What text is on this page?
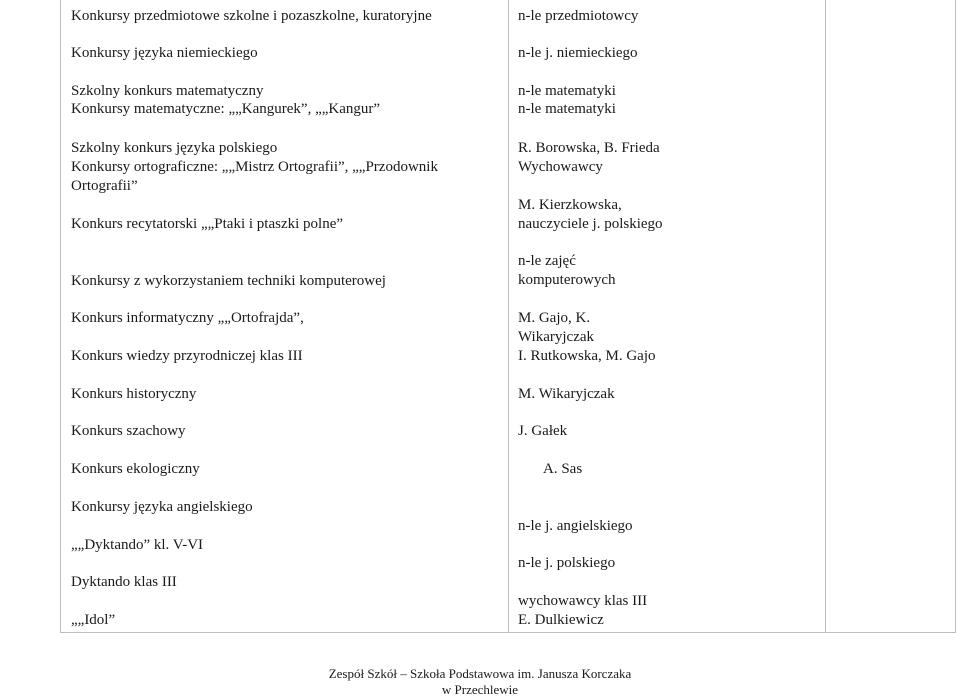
Konkursy przedmiotowe szkolne i pozaszkolne, kuratoryjne
Konkursy języka niemieckiego
Szkolny konkurs matematyczny
Konkursy matematyczne: „„Kangurek”, „„Kangur”
Szkolny konkurs języka polskiego
Konkursy ortograficzne: „„Mistrz Ortografii”, „„Przodownik
Ortografii”
Konkurs recytatorski „„Ptaki i ptaszki polne”
Konkursy z wykorzystaniem techniki komputerowej
Konkurs informatyczny „„Ortofrajda”,
Konkurs wiedzy przyrodniczej klas III
Konkurs historyczny
Konkurs szachowy
Konkurs ekologiczny
Konkursy języka angielskiego
„„Dyktando” kl. V-VI
Dyktando klas III
„„Idol”
n-le przedmiotowcy
n-le j. niemieckiego
n-le matematyki
n-le matematyki
R. Borowska, B. Frieda
Wychowawcy
M. Kierzkowska,
nauczyciele j. polskiego
n-le zajęć
komputerowych
M. Gajo, K.
Wikaryjczak
I. Rutkowska, M. Gajo
M. Wikaryjczak
J. Gałek
A. Sas
n-le j. angielskiego
n-le j. polskiego
wychowawcy klas III
E. Dulkiewicz
Zespół Szkół – Szkoła Podstawowa im. Janusza Korczaka
w Przechlewie
